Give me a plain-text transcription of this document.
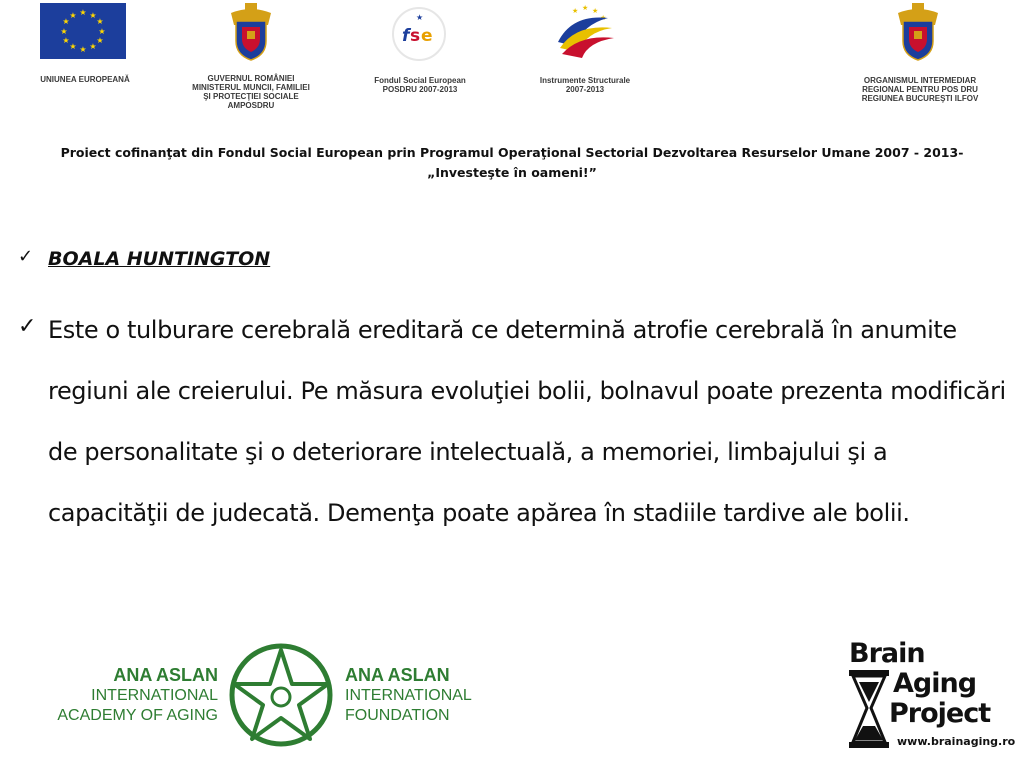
★ ★
★
★
★
★
★
★
★
★
★
★
UNIUNEA EUROPEANĂ	GUVERNUL ROMÂNIEI
MINISTERUL MUNCII, FAMILIEI
ŞI PROTECŢIEI SOCIALE
AMPOSDRU
f s e
★
Fondul Social European
POSDRU 2007-2013
★
★ ★
Instrumente Structurale
2007-2013
ORGANISMUL INTERMEDIAR
REGIONAL PENTRU POS DRU
REGIUNEA BUCUREŞTI ILFOV
Proiect cofinanţat din Fondul Social European prin Programul Operaţional Sectorial Dezvoltarea Resurselor Umane 2007 - 2013-
„Investeşte în oameni!”
✓ BOALA HUNTINGTON
✓ Este o tulburare cerebrală ereditară ce determină atrofie cerebrală în anumite regiuni ale creierului. Pe măsura evoluţiei bolii, bolnavul poate prezenta modificări de personalitate şi o deteriorare intelectuală, a memoriei, limbajului şi a capacităţii de judecată. Demenţa poate apărea în stadiile tardive ale bolii.

ANA ASLAN
INTERNATIONAL
ACADEMY OF AGING
ANA ASLAN
INTERNATIONAL
FOUNDATION
Brain
Aging
Project
www.brainaging.ro
